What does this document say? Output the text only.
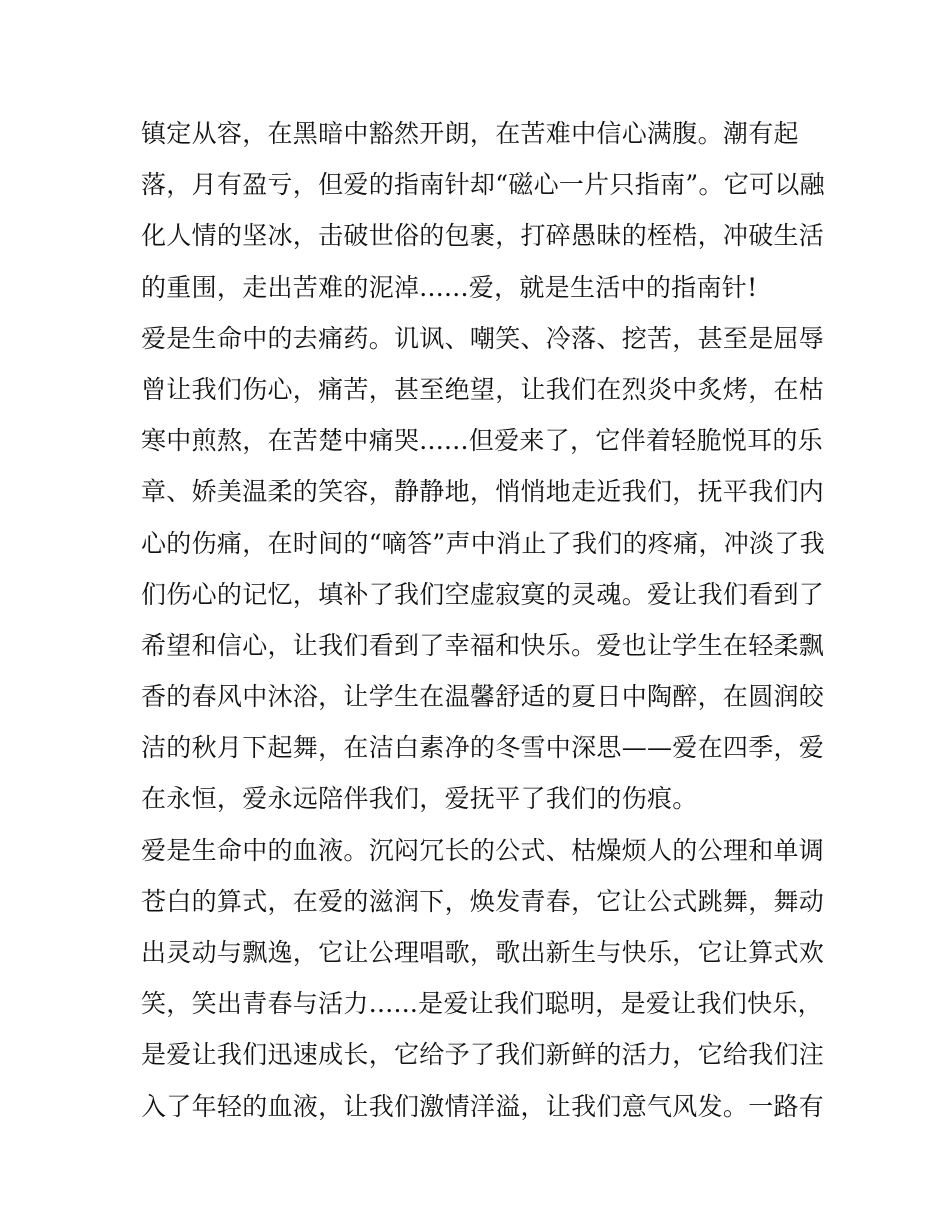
镇定从容，在黑暗中豁然开朗，在苦难中信心满腹。潮有起
落，月有盈亏，但爱的指南针却“磁心一片只指南”。它可以融
化人情的坚冰，击破世俗的包裹，打碎愚昧的桎梏，冲破生活
的重围，走出苦难的泥淖......爱，就是生活中的指南针!
爱是生命中的去痛药。讥讽、嘲笑、冷落、挖苦，甚至是屈辱
曾让我们伤心，痛苦，甚至绝望，让我们在烈炎中炙烤，在枯
寒中煎熬，在苦楚中痛哭......但爱来了，它伴着轻脆悦耳的乐
章、娇美温柔的笑容，静静地，悄悄地走近我们，抚平我们内
心的伤痛，在时间的“嘀答”声中消止了我们的疼痛，冲淡了我
们伤心的记忆，填补了我们空虚寂寞的灵魂。爱让我们看到了
希望和信心，让我们看到了幸福和快乐。爱也让学生在轻柔飘
香的春风中沐浴，让学生在温馨舒适的夏日中陶醉，在圆润皎
洁的秋月下起舞，在洁白素净的冬雪中深思——爱在四季，爱
在永恒，爱永远陪伴我们，爱抚平了我们的伤痕。
爱是生命中的血液。沉闷冗长的公式、枯燥烦人的公理和单调
苍白的算式，在爱的滋润下，焕发青春，它让公式跳舞，舞动
出灵动与飘逸，它让公理唱歌，歌出新生与快乐，它让算式欢
笑，笑出青春与活力......是爱让我们聪明，是爱让我们快乐，
是爱让我们迅速成长，它给予了我们新鲜的活力，它给我们注
入了年轻的血液，让我们激情洋溢，让我们意气风发。一路有
